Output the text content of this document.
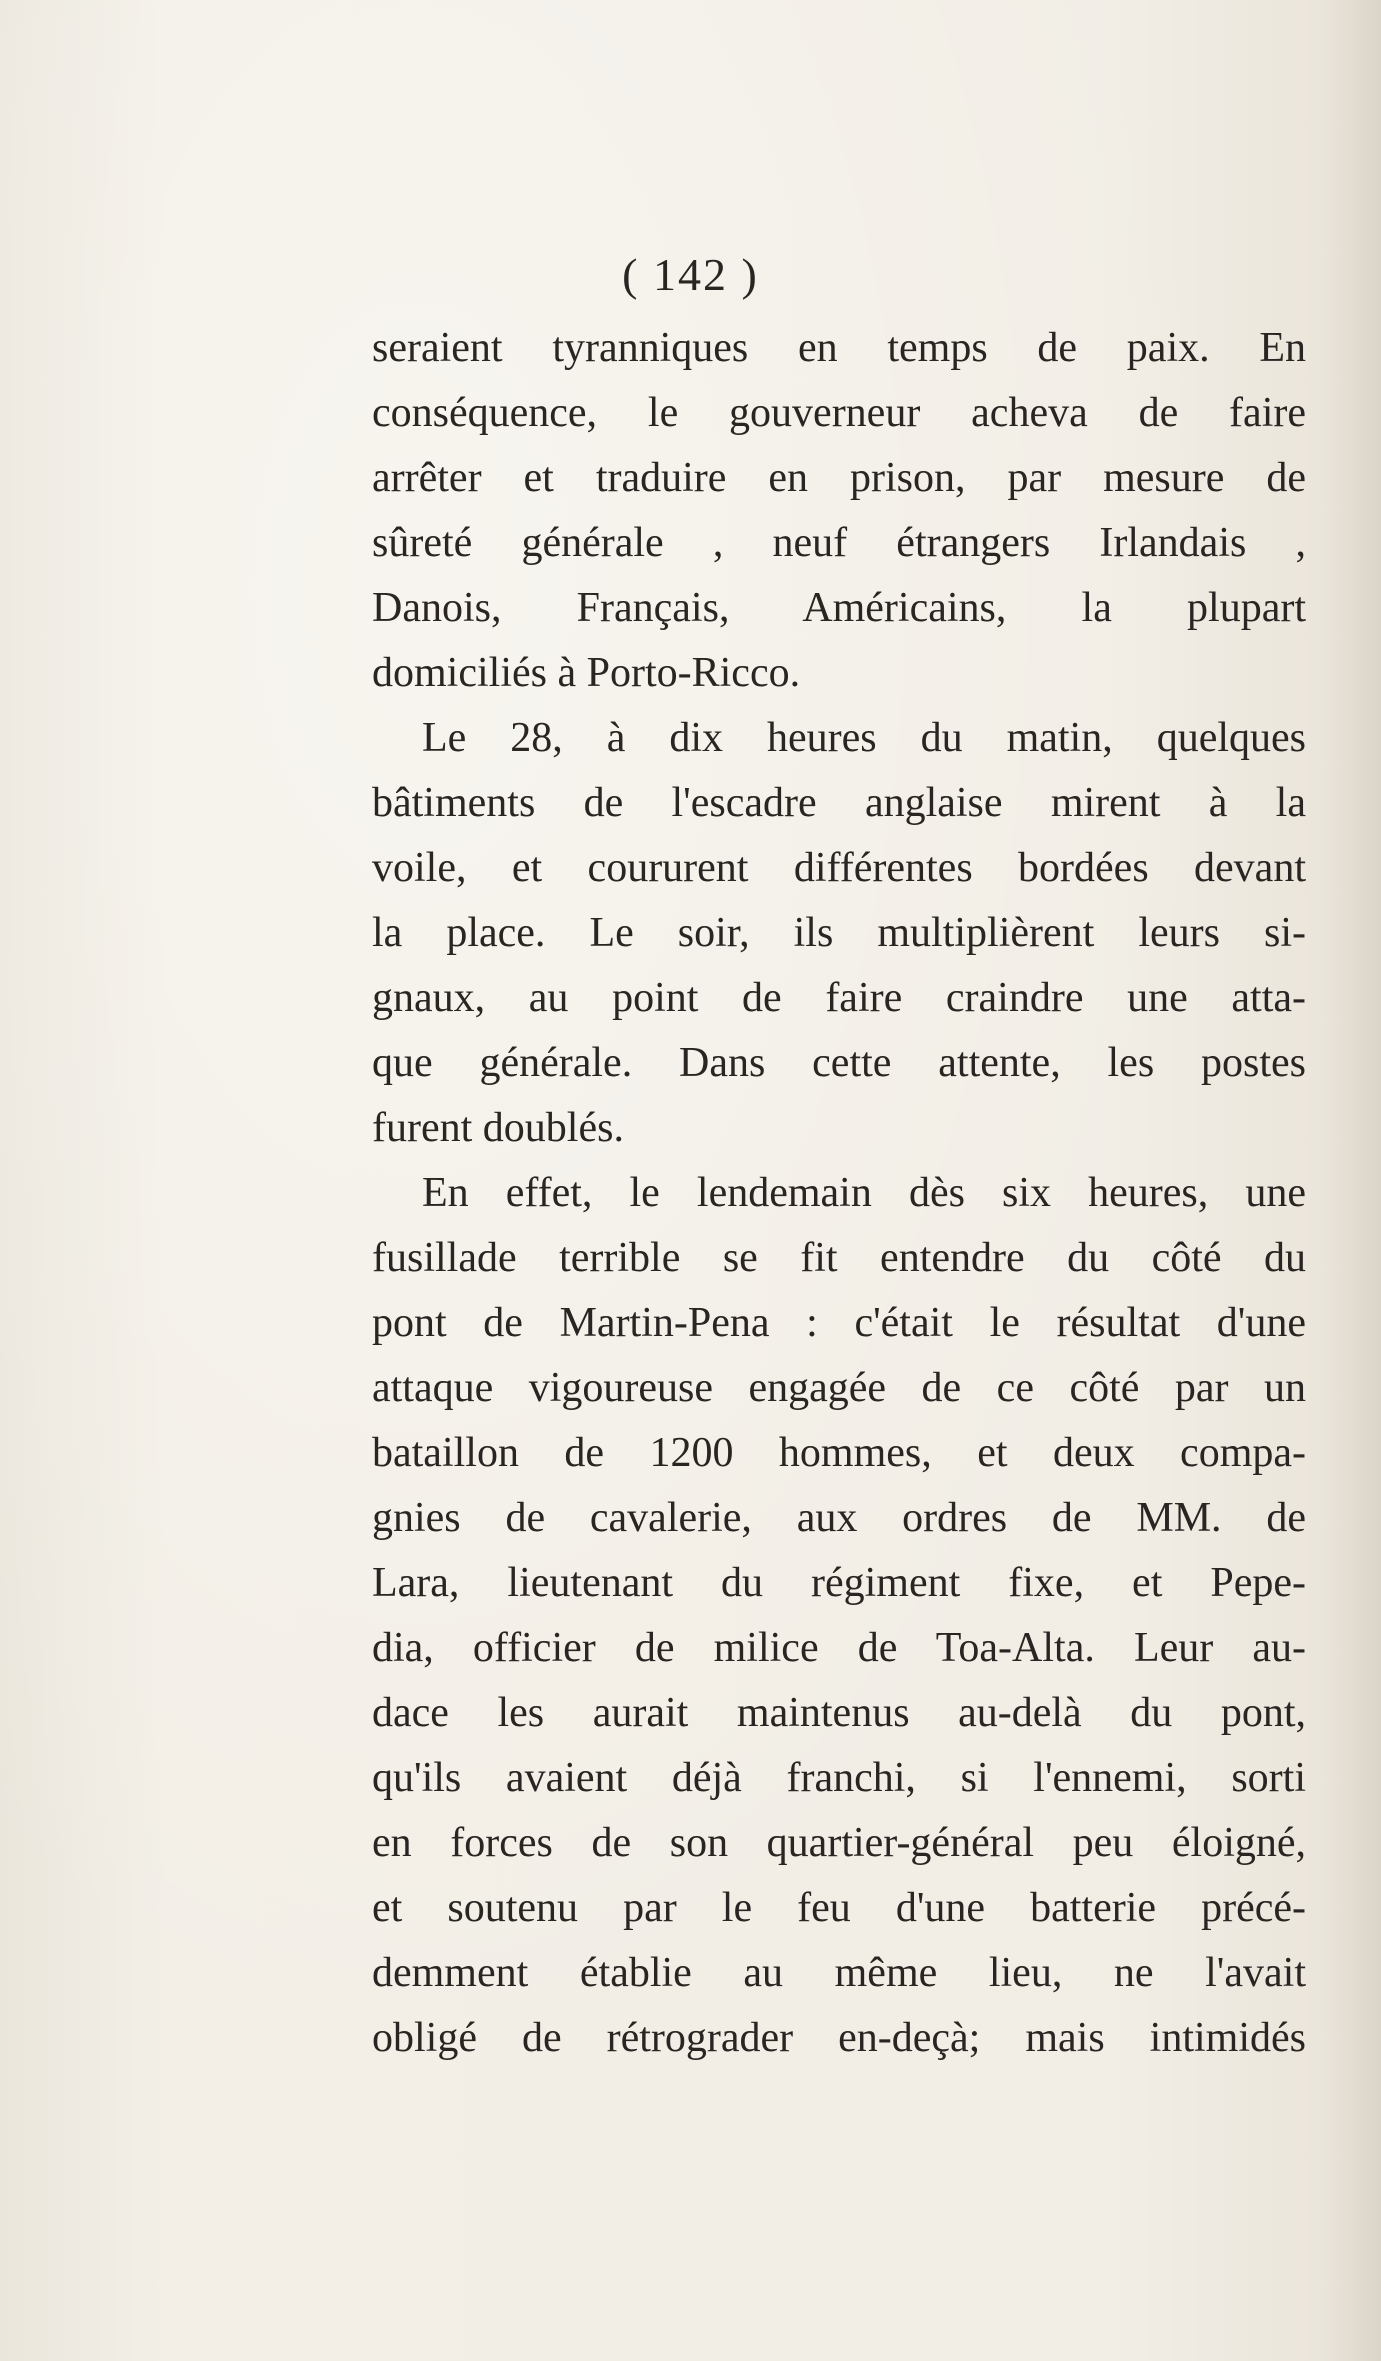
( 142 )
seraient tyranniques en temps de paix. En
conséquence, le gouverneur acheva de faire
arrêter et traduire en prison, par mesure de
sûreté générale , neuf étrangers Irlandais ,
Danois, Français, Américains, la plupart
domiciliés à Porto-Ricco.
Le 28, à dix heures du matin, quelques
bâtiments de l'escadre anglaise mirent à la
voile, et coururent différentes bordées devant
la place. Le soir, ils multiplièrent leurs si-
gnaux, au point de faire craindre une atta-
que générale. Dans cette attente, les postes
furent doublés.
En effet, le lendemain dès six heures, une
fusillade terrible se fit entendre du côté du
pont de Martin-Pena : c'était le résultat d'une
attaque vigoureuse engagée de ce côté par un
bataillon de 1200 hommes, et deux compa-
gnies de cavalerie, aux ordres de MM. de
Lara, lieutenant du régiment fixe, et Pepe-
dia, officier de milice de Toa-Alta. Leur au-
dace les aurait maintenus au-delà du pont,
qu'ils avaient déjà franchi, si l'ennemi, sorti
en forces de son quartier-général peu éloigné,
et soutenu par le feu d'une batterie précé-
demment établie au même lieu, ne l'avait
obligé de rétrograder en-deçà; mais intimidés
